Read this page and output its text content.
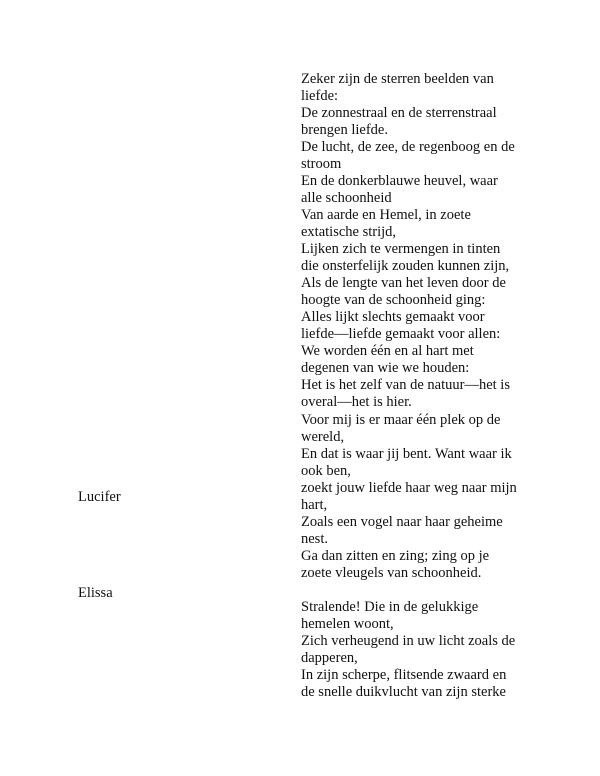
Lucifer

Elissa

Zeker zijn de sterren beelden van
liefde:
De zonnestraal en de sterrenstraal
brengen liefde.
De lucht, de zee, de regenboog en de
stroom
En de donkerblauwe heuvel, waar
alle schoonheid
Van aarde en Hemel, in zoete
extatische strijd,
Lijken zich te vermengen in tinten
die onsterfelijk zouden kunnen zijn,
Als de lengte van het leven door de
hoogte van de schoonheid ging:
Alles lijkt slechts gemaakt voor
liefde—liefde gemaakt voor allen:
We worden één en al hart met
degenen van wie we houden:
Het is het zelf van de natuur—het is
overal—het is hier.
Voor mij is er maar één plek op de
wereld,
En dat is waar jij bent. Want waar ik
ook ben,
zoekt jouw liefde haar weg naar mijn
hart,
Zoals een vogel naar haar geheime
nest.
Ga dan zitten en zing; zing op je
zoete vleugels van schoonheid.
Stralende! Die in de gelukkige
hemelen woont,
Zich verheugend in uw licht zoals de
dapperen,
In zijn scherpe, flitsende zwaard en
de snelle duikvlucht van zijn sterke
